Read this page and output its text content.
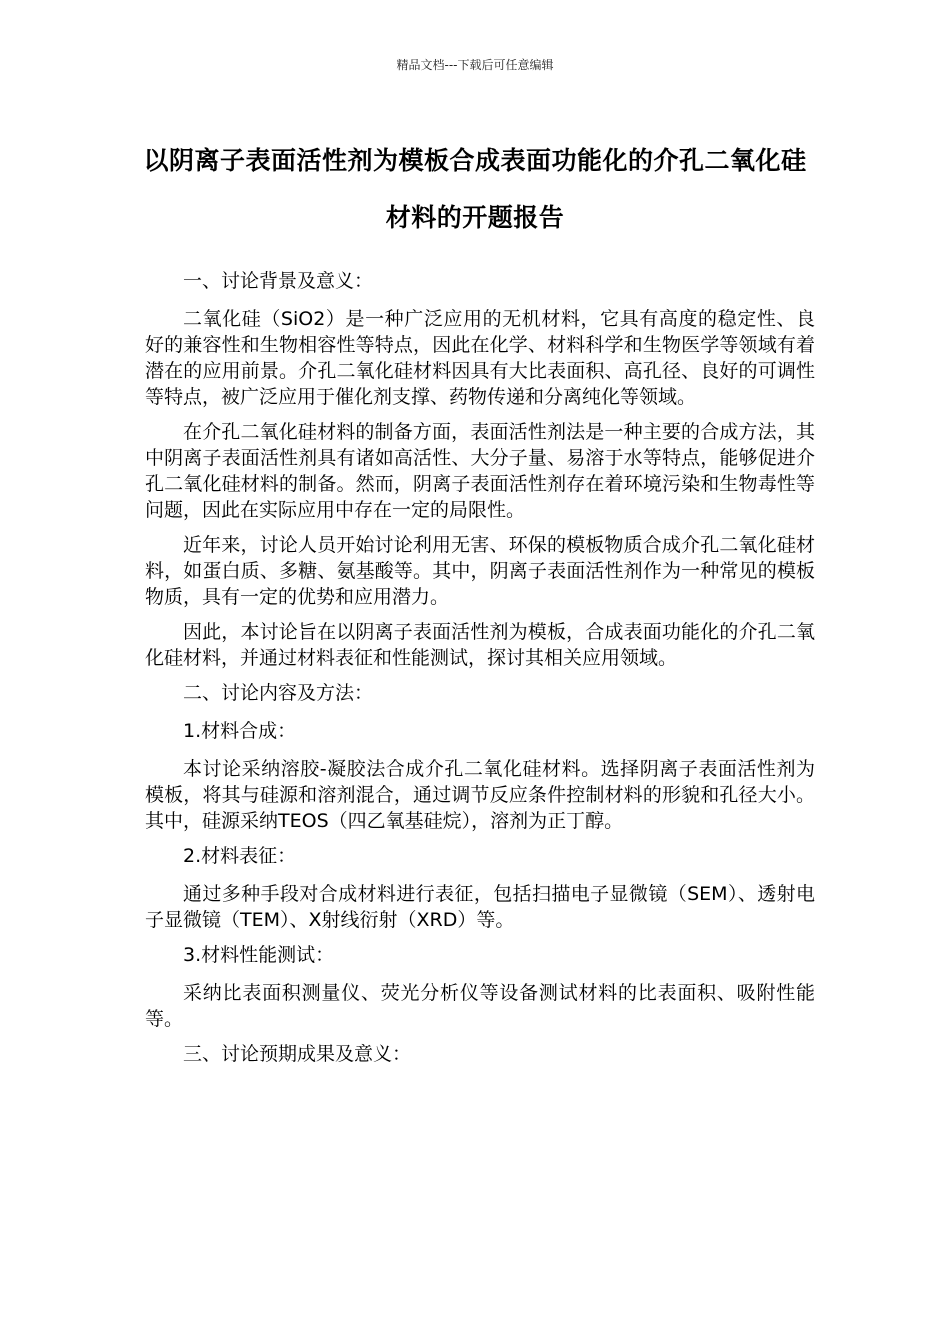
精品文档---下载后可任意编辑
以阴离子表面活性剂为模板合成表面功能化的介孔二氧化硅材料的开题报告

一、讨论背景及意义：

二氧化硅（SiO2）是一种广泛应用的无机材料，它具有高度的稳定性、良好的兼容性和生物相容性等特点，因此在化学、材料科学和生物医学等领域有着潜在的应用前景。介孔二氧化硅材料因具有大比表面积、高孔径、良好的可调性等特点，被广泛应用于催化剂支撑、药物传递和分离纯化等领域。

在介孔二氧化硅材料的制备方面，表面活性剂法是一种主要的合成方法，其中阴离子表面活性剂具有诸如高活性、大分子量、易溶于水等特点，能够促进介孔二氧化硅材料的制备。然而，阴离子表面活性剂存在着环境污染和生物毒性等问题，因此在实际应用中存在一定的局限性。

近年来，讨论人员开始讨论利用无害、环保的模板物质合成介孔二氧化硅材料，如蛋白质、多糖、氨基酸等。其中，阴离子表面活性剂作为一种常见的模板物质，具有一定的优势和应用潜力。

因此，本讨论旨在以阴离子表面活性剂为模板，合成表面功能化的介孔二氧化硅材料，并通过材料表征和性能测试，探讨其相关应用领域。

二、讨论内容及方法：

1.材料合成：

本讨论采纳溶胶-凝胶法合成介孔二氧化硅材料。选择阴离子表面活性剂为模板，将其与硅源和溶剂混合，通过调节反应条件控制材料的形貌和孔径大小。其中，硅源采纳TEOS（四乙氧基硅烷），溶剂为正丁醇。

2.材料表征：

通过多种手段对合成材料进行表征，包括扫描电子显微镜（SEM）、透射电子显微镜（TEM）、X射线衍射（XRD）等。

3.材料性能测试：

采纳比表面积测量仪、荧光分析仪等设备测试材料的比表面积、吸附性能等。

三、讨论预期成果及意义：
